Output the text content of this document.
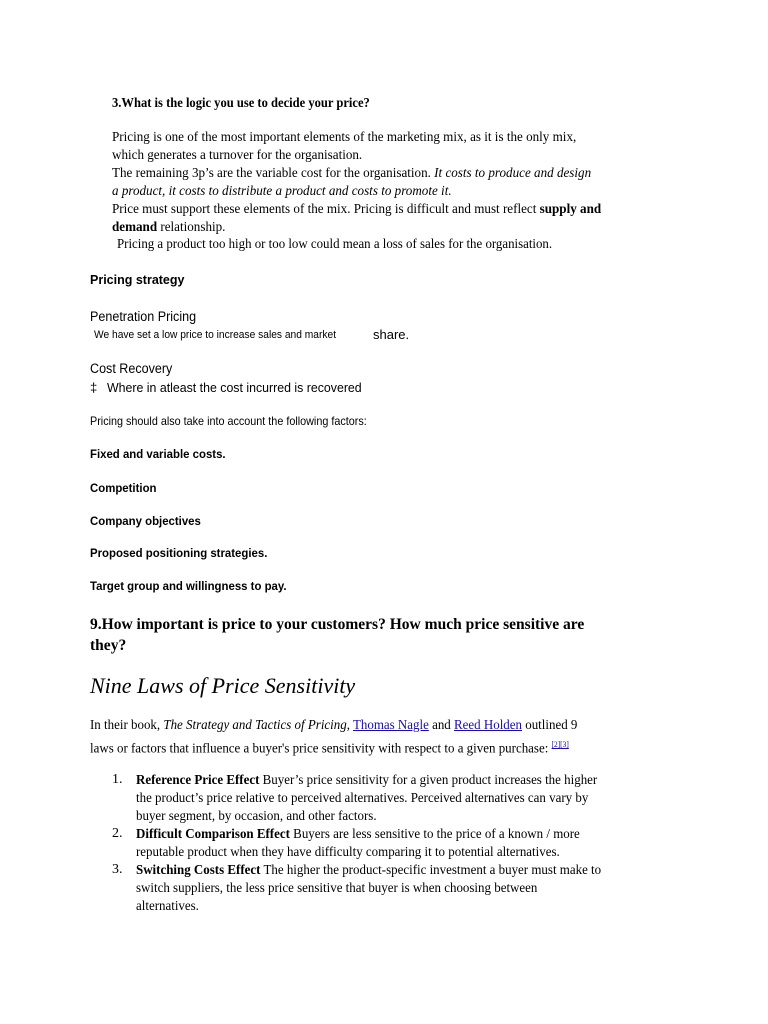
3.What is the logic you use to decide your price?
Pricing is one of the most important elements of the marketing mix, as it is the only mix,
which generates a turnover for the organisation.
The remaining 3p’s are the variable cost for the organisation. It costs to produce and design
a product, it costs to distribute a product and costs to promote it.
Price must support these elements of the mix. Pricing is difficult and must reflect supply and
demand relationship.
Pricing a product too high or too low could mean a loss of sales for the organisation.
Pricing strategy
Penetration Pricing
We have set a low price to increase sales and market	share.
Cost Recovery
‡ Where in atleast the cost incurred is recovered
Pricing should also take into account the following factors:
Fixed and variable costs.
Competition
Company objectives
Proposed positioning strategies.
Target group and willingness to pay.
9.How important is price to your customers? How much price sensitive are
they?
Nine Laws of Price Sensitivity
In their book, The Strategy and Tactics of Pricing, Thomas Nagle and Reed Holden outlined 9
laws or factors that influence a buyer's price sensitivity with respect to a given purchase: [2][3]
1. Reference Price Effect Buyer’s price sensitivity for a given product increases the higher
the product’s price relative to perceived alternatives. Perceived alternatives can vary by
buyer segment, by occasion, and other factors.
2. Difficult Comparison Effect Buyers are less sensitive to the price of a known / more
reputable product when they have difficulty comparing it to potential alternatives.
3. Switching Costs Effect The higher the product-specific investment a buyer must make to
switch suppliers, the less price sensitive that buyer is when choosing between
alternatives.
